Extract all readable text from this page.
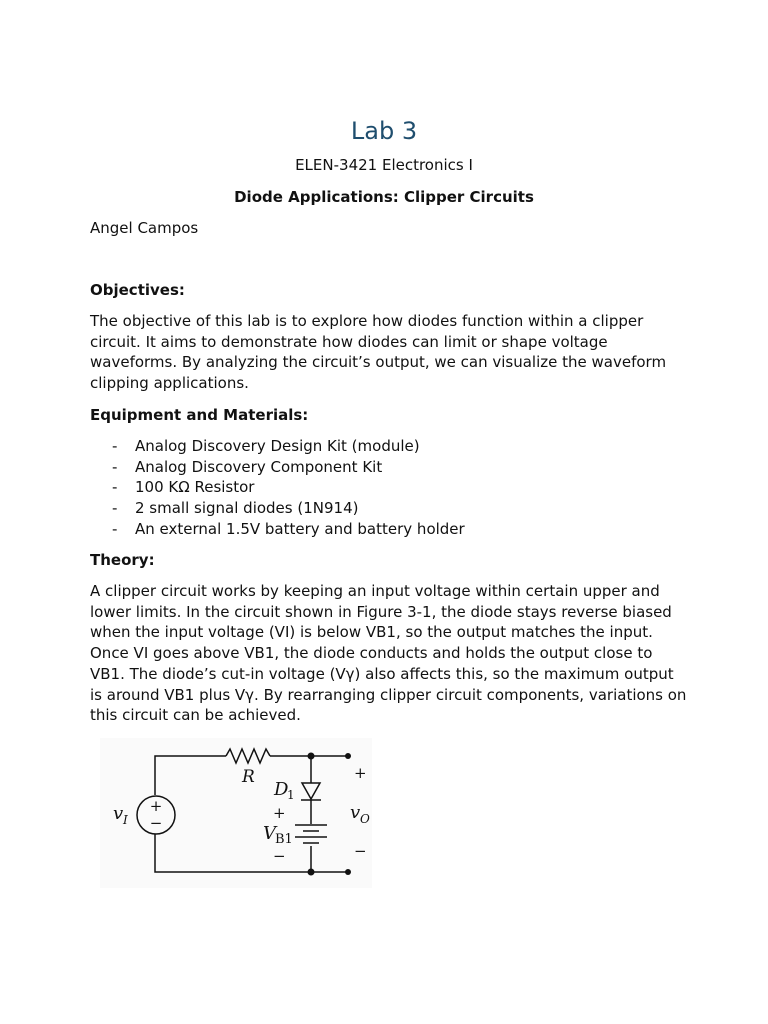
Lab 3
ELEN-3421 Electronics I
Diode Applications: Clipper Circuits

Angel Campos

Objectives:

The objective of this lab is to explore how diodes function within a clipper circuit. It aims to demonstrate how diodes can limit or shape voltage waveforms. By analyzing the circuit’s output, we can visualize the waveform clipping applications.

Equipment and Materials:

- Analog Discovery Design Kit (module)
- Analog Discovery Component Kit
- 100 KΩ Resistor
- 2 small signal diodes (1N914)
- An external 1.5V battery and battery holder

Theory:

A clipper circuit works by keeping an input voltage within certain upper and lower limits. In the circuit shown in Figure 3-1, the diode stays reverse biased when the input voltage (VI) is below VB1, so the output matches the input. Once VI goes above VB1, the diode conducts and holds the output close to VB1. The diode’s cut-in voltage (Vγ) also affects this, so the maximum output is around VB1 plus Vγ. By rearranging clipper circuit components, variations on this circuit can be achieved.

+
−
R
D
1
+
V B1
−
v I
+
v O
−
